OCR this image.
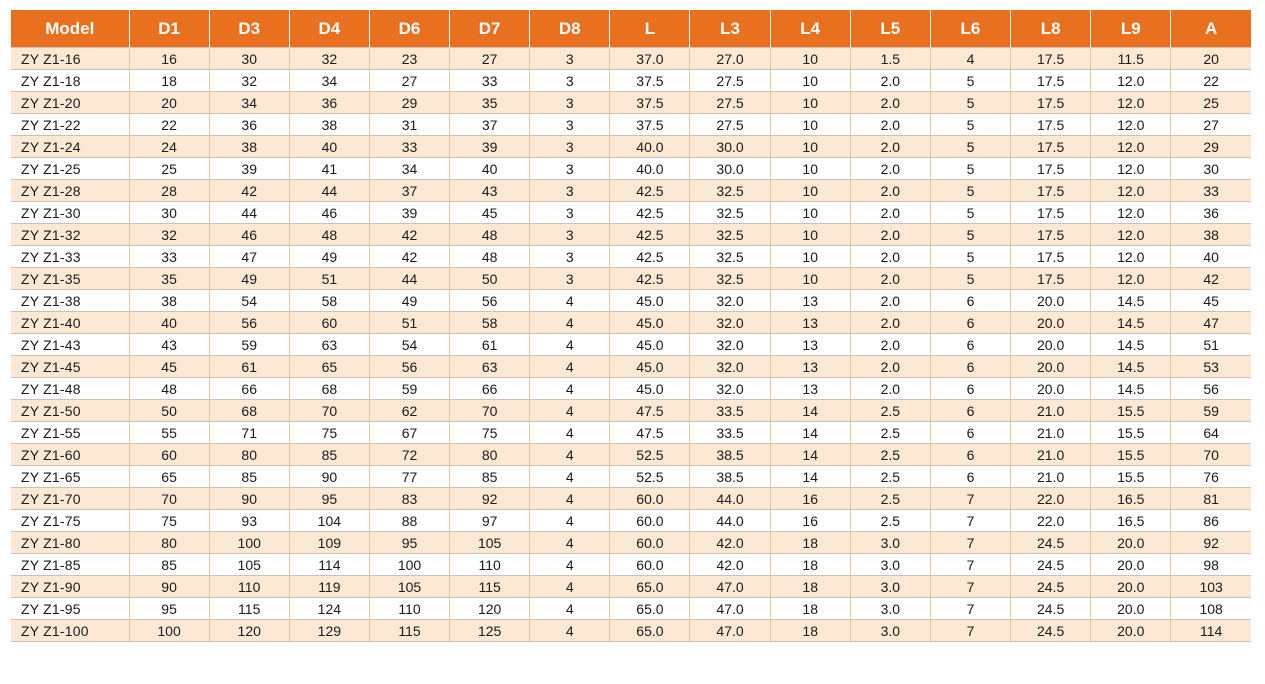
Model	D1	D3	D4	D6	D7	D8	L	L3	L4	L5	L6	L8	L9	A
ZY Z1-16	16	30	32	23	27	3	37.0	27.0	10	1.5	4	17.5	11.5	20
ZY Z1-18	18	32	34	27	33	3	37.5	27.5	10	2.0	5	17.5	12.0	22
ZY Z1-20	20	34	36	29	35	3	37.5	27.5	10	2.0	5	17.5	12.0	25
ZY Z1-22	22	36	38	31	37	3	37.5	27.5	10	2.0	5	17.5	12.0	27
ZY Z1-24	24	38	40	33	39	3	40.0	30.0	10	2.0	5	17.5	12.0	29
ZY Z1-25	25	39	41	34	40	3	40.0	30.0	10	2.0	5	17.5	12.0	30
ZY Z1-28	28	42	44	37	43	3	42.5	32.5	10	2.0	5	17.5	12.0	33
ZY Z1-30	30	44	46	39	45	3	42.5	32.5	10	2.0	5	17.5	12.0	36
ZY Z1-32	32	46	48	42	48	3	42.5	32.5	10	2.0	5	17.5	12.0	38
ZY Z1-33	33	47	49	42	48	3	42.5	32.5	10	2.0	5	17.5	12.0	40
ZY Z1-35	35	49	51	44	50	3	42.5	32.5	10	2.0	5	17.5	12.0	42
ZY Z1-38	38	54	58	49	56	4	45.0	32.0	13	2.0	6	20.0	14.5	45
ZY Z1-40	40	56	60	51	58	4	45.0	32.0	13	2.0	6	20.0	14.5	47
ZY Z1-43	43	59	63	54	61	4	45.0	32.0	13	2.0	6	20.0	14.5	51
ZY Z1-45	45	61	65	56	63	4	45.0	32.0	13	2.0	6	20.0	14.5	53
ZY Z1-48	48	66	68	59	66	4	45.0	32.0	13	2.0	6	20.0	14.5	56
ZY Z1-50	50	68	70	62	70	4	47.5	33.5	14	2.5	6	21.0	15.5	59
ZY Z1-55	55	71	75	67	75	4	47.5	33.5	14	2.5	6	21.0	15.5	64
ZY Z1-60	60	80	85	72	80	4	52.5	38.5	14	2.5	6	21.0	15.5	70
ZY Z1-65	65	85	90	77	85	4	52.5	38.5	14	2.5	6	21.0	15.5	76
ZY Z1-70	70	90	95	83	92	4	60.0	44.0	16	2.5	7	22.0	16.5	81
ZY Z1-75	75	93	104	88	97	4	60.0	44.0	16	2.5	7	22.0	16.5	86
ZY Z1-80	80	100	109	95	105	4	60.0	42.0	18	3.0	7	24.5	20.0	92
ZY Z1-85	85	105	114	100	110	4	60.0	42.0	18	3.0	7	24.5	20.0	98
ZY Z1-90	90	110	119	105	115	4	65.0	47.0	18	3.0	7	24.5	20.0	103
ZY Z1-95	95	115	124	110	120	4	65.0	47.0	18	3.0	7	24.5	20.0	108
ZY Z1-100	100	120	129	115	125	4	65.0	47.0	18	3.0	7	24.5	20.0	114
